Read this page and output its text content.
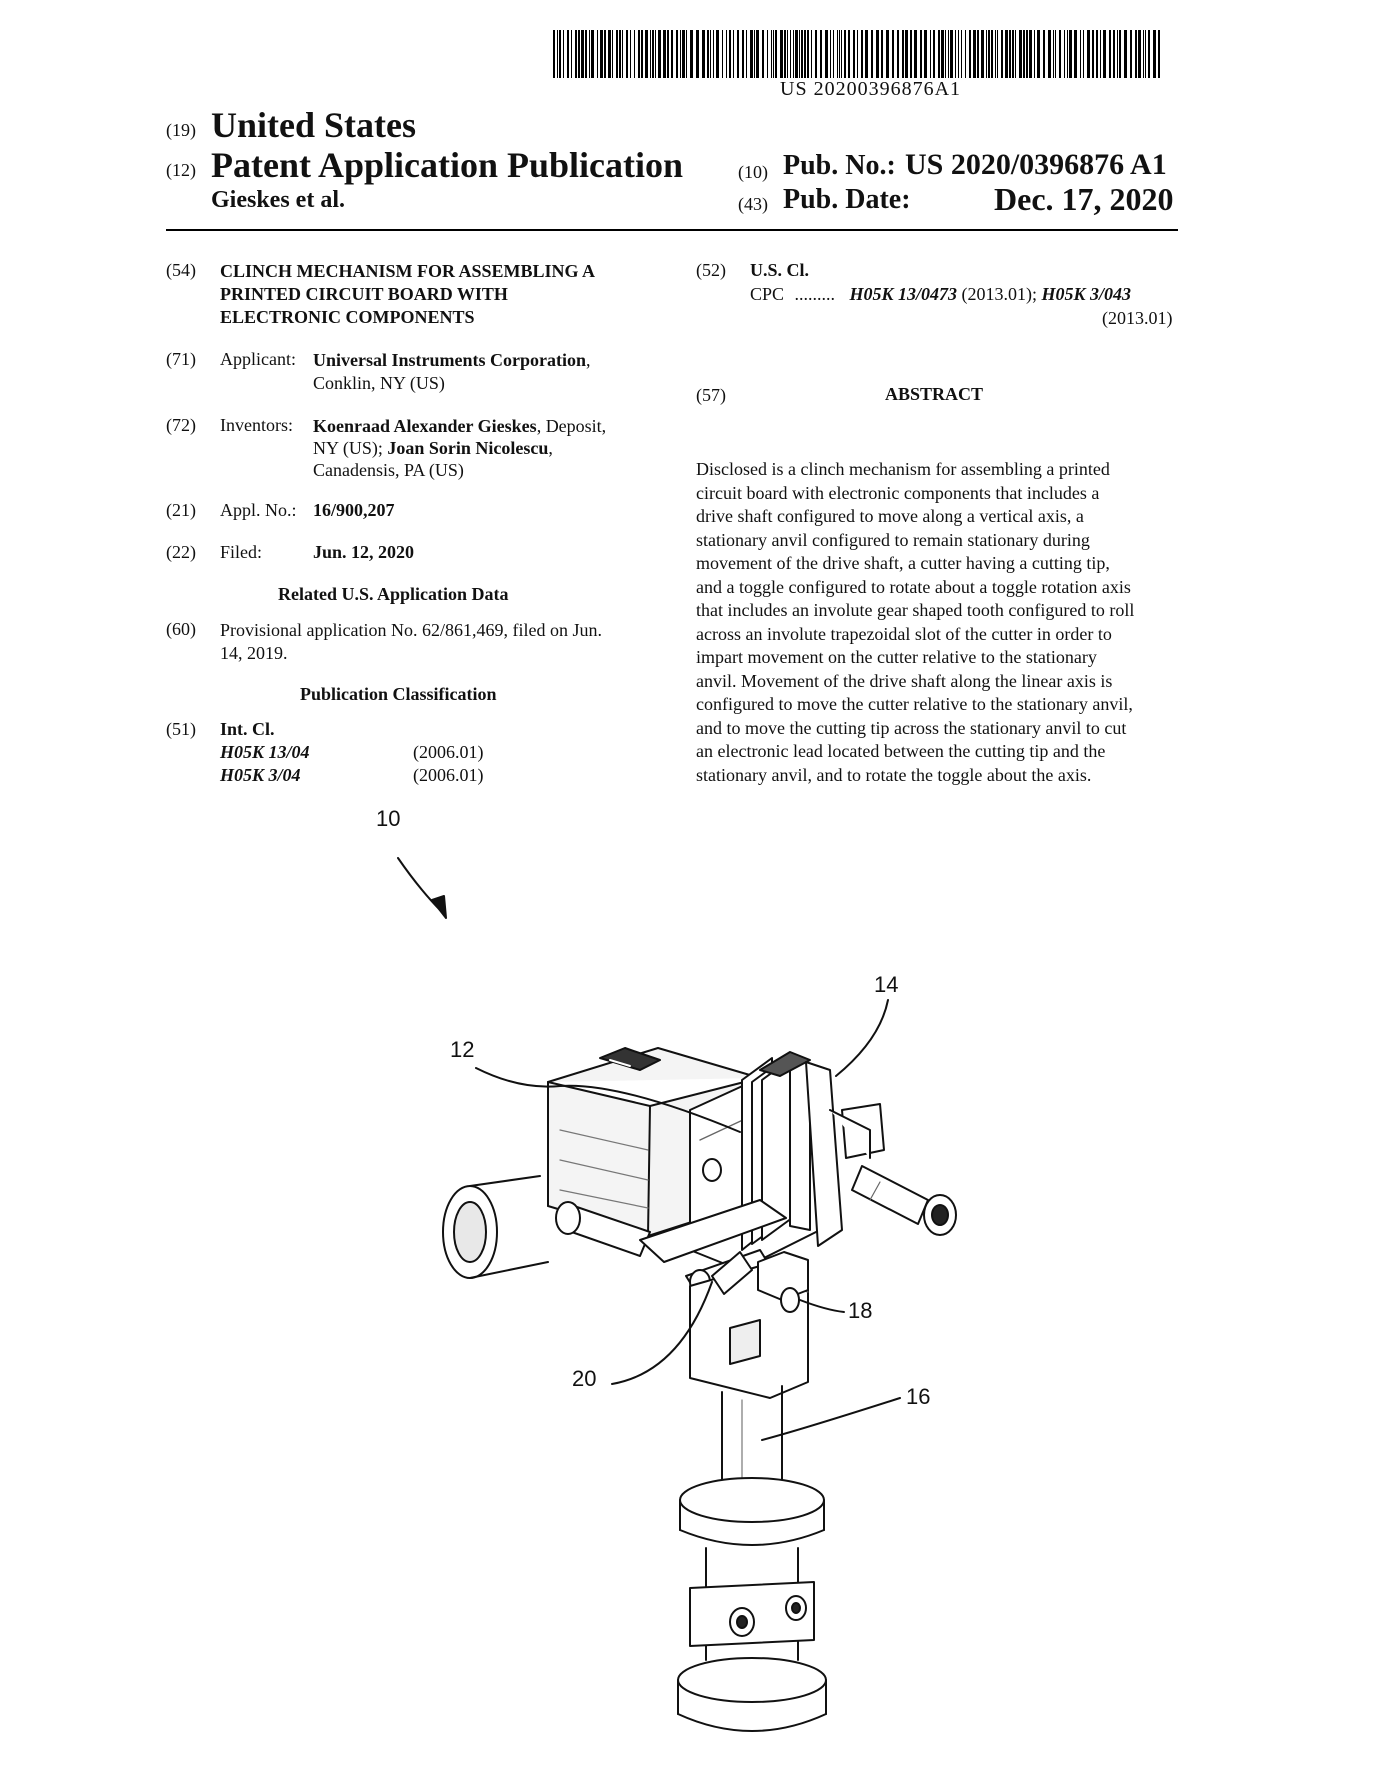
US 20200396876A1
(19) United States
(12) Patent Application Publication
Gieskes et al.
(10) Pub. No.: US 2020/0396876 A1
(43) Pub. Date:	Dec. 17, 2020
(54) CLINCH MECHANISM FOR ASSEMBLING A
PRINTED CIRCUIT BOARD WITH
ELECTRONIC COMPONENTS
(71) Applicant: Universal Instruments Corporation,
Conklin, NY (US)
(72) Inventors: Koenraad Alexander Gieskes, Deposit,
NY (US); Joan Sorin Nicolescu,
Canadensis, PA (US)
(21) Appl. No.: 16/900,207
(22) Filed:	Jun. 12, 2020
Related U.S. Application Data
(60) Provisional application No. 62/861,469, filed on Jun.
14, 2019.
Publication Classification
(51) Int. Cl.
H05K 13/04	(2006.01)
H05K 3/04	(2006.01)
(52) U.S. Cl.
CPC ......... H05K 13/0473 (2013.01); H05K 3/043
(2013.01)
(57)	ABSTRACT
Disclosed is a clinch mechanism for assembling a printed
circuit board with electronic components that includes a
drive shaft configured to move along a vertical axis, a
stationary anvil configured to remain stationary during
movement of the drive shaft, a cutter having a cutting tip,
and a toggle configured to rotate about a toggle rotation axis
that includes an involute gear shaped tooth configured to roll
across an involute trapezoidal slot of the cutter in order to
impart movement on the cutter relative to the stationary
anvil. Movement of the drive shaft along the linear axis is
configured to move the cutter relative to the stationary anvil,
and to move the cutting tip across the stationary anvil to cut
an electronic lead located between the cutting tip and the
stationary anvil, and to rotate the toggle about the axis.
10
12
14
18
20
16
